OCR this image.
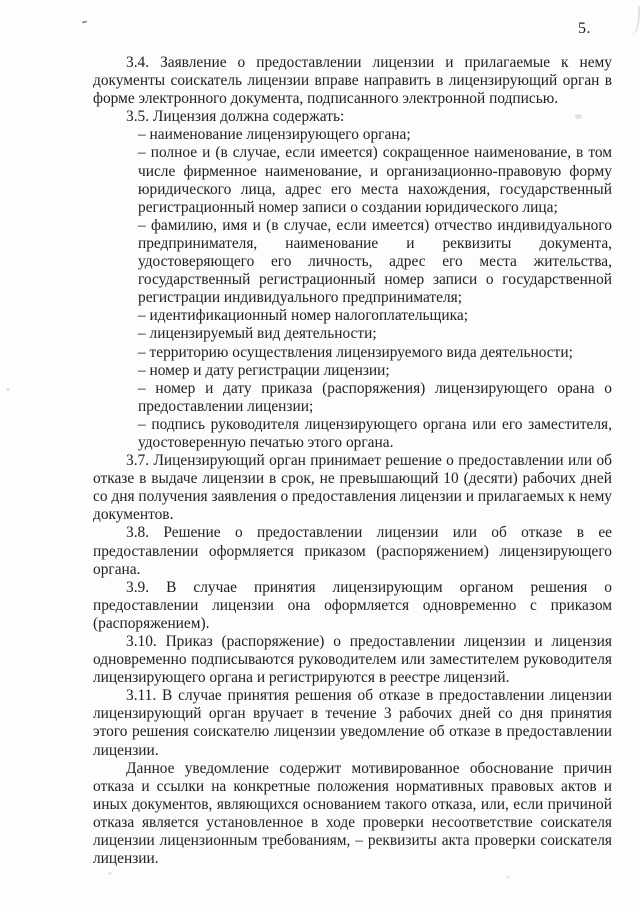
5.

3.4. Заявление о предоставлении лицензии и прилагаемые к нему документы соискатель лицензии вправе направить в лицензирующий орган в форме электронного документа, подписанного электронной подписью.

3.5. Лицензия должна содержать:

– наименование лицензирующего органа;

– полное и (в случае, если имеется) сокращенное наименование, в том числе фирменное наименование, и организационно-правовую форму юридического лица, адрес его места нахождения, государственный регистрационный номер записи о создании юридического лица;

– фамилию, имя и (в случае, если имеется) отчество индивидуального предпринимателя, наименование и реквизиты документа, удостоверяющего его личность, адрес его места жительства, государственный регистрационный номер записи о государственной регистрации индивидуального предпринимателя;

– идентификационный номер налогоплательщика;

– лицензируемый вид деятельности;

– территорию осуществления лицензируемого вида деятельности;

– номер и дату регистрации лицензии;

– номер и дату приказа (распоряжения) лицензирующего орана о предоставлении лицензии;

– подпись руководителя лицензирующего органа или его заместителя, удостоверенную печатью этого органа.

3.7. Лицензирующий орган принимает решение о предоставлении или об отказе в выдаче лицензии в срок, не превышающий 10 (десяти) рабочих дней со дня получения заявления о предоставления лицензии и прилагаемых к нему документов.

3.8. Решение о предоставлении лицензии или об отказе в ее предоставлении оформляется приказом (распоряжением) лицензирующего органа.

3.9. В случае принятия лицензирующим органом решения о предоставлении лицензии она оформляется одновременно с приказом (распоряжением).

3.10. Приказ (распоряжение) о предоставлении лицензии и лицензия одновременно подписываются руководителем или заместителем руководителя лицензирующего органа и регистрируются в реестре лицензий.

3.11. В случае принятия решения об отказе в предоставлении лицензии лицензирующий орган вручает в течение 3 рабочих дней со дня принятия этого решения соискателю лицензии уведомление об отказе в предоставлении лицензии.

Данное уведомление содержит мотивированное обоснование причин отказа и ссылки на конкретные положения нормативных правовых актов и иных документов, являющихся основанием такого отказа, или, если причиной отказа является установленное в ходе проверки несоответствие соискателя лицензии лицензионным требованиям, – реквизиты акта проверки соискателя лицензии.
